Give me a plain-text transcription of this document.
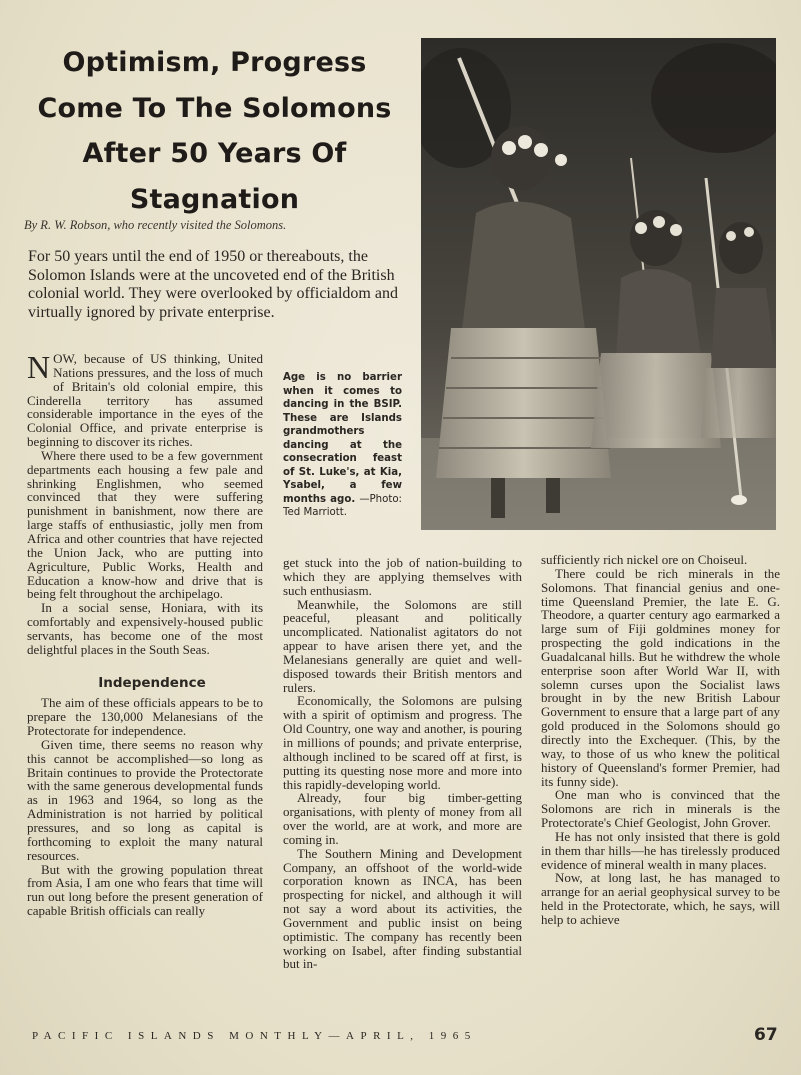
Optimism, Progress
Come To The Solomons
After 50 Years Of
Stagnation
By R. W. Robson, who recently visited the Solomons.
For 50 years until the end of 1950 or thereabouts, the Solomon Islands were at the uncoveted end of the British colonial world. They were overlooked by officialdom and virtually ignored by private enterprise.
Age is no barrier when it comes to dancing in the BSIP. These are Islands grandmothers dancing at the consecration feast of St. Luke's, at Kia, Ysabel, a few months ago. —Photo: Ted Marriott.

NOW, because of US thinking, United Nations pressures, and the loss of much of Britain's old colonial empire, this Cinderella territory has assumed considerable importance in the eyes of the Colonial Office, and private enterprise is beginning to discover its riches.

Where there used to be a few government departments each housing a few pale and shrinking Englishmen, who seemed convinced that they were suffering punishment in banishment, now there are large staffs of enthusiastic, jolly men from Africa and other countries that have rejected the Union Jack, who are putting into Agriculture, Public Works, Health and Education a know-how and drive that is being felt throughout the archipelago.

In a social sense, Honiara, with its comfortably and expensively-housed public servants, has become one of the most delightful places in the South Seas.

Independence

The aim of these officials appears to be to prepare the 130,000 Melanesians of the Protectorate for independence.

Given time, there seems no reason why this cannot be accomplished—so long as Britain continues to provide the Protectorate with the same generous developmental funds as in 1963 and 1964, so long as the Administration is not harried by political pressures, and so long as capital is forthcoming to exploit the many natural resources.

But with the growing population threat from Asia, I am one who fears that time will run out long before the present generation of capable British officials can really

get stuck into the job of nation-building to which they are applying themselves with such enthusiasm.

Meanwhile, the Solomons are still peaceful, pleasant and politically uncomplicated. Nationalist agitators do not appear to have arisen there yet, and the Melanesians generally are quiet and well-disposed towards their British mentors and rulers.

Economically, the Solomons are pulsing with a spirit of optimism and progress. The Old Country, one way and another, is pouring in millions of pounds; and private enterprise, although inclined to be scared off at first, is putting its questing nose more and more into this rapidly-developing world.

Already, four big timber-getting organisations, with plenty of money from all over the world, are at work, and more are coming in.

The Southern Mining and Development Company, an offshoot of the world-wide corporation known as INCA, has been prospecting for nickel, and although it will not say a word about its activities, the Government and public insist on being optimistic. The company has recently been working on Isabel, after finding substantial but in-

sufficiently rich nickel ore on Choiseul.

There could be rich minerals in the Solomons. That financial genius and one-time Queensland Premier, the late E. G. Theodore, a quarter century ago earmarked a large sum of Fiji goldmines money for prospecting the gold indications in the Guadalcanal hills. But he withdrew the whole enterprise soon after World War II, with solemn curses upon the Socialist laws brought in by the new British Labour Government to ensure that a large part of any gold produced in the Solomons should go directly into the Exchequer. (This, by the way, to those of us who knew the political history of Queensland's former Premier, had its funny side).

One man who is convinced that the Solomons are rich in minerals is the Protectorate's Chief Geologist, John Grover.

He has not only insisted that there is gold in them thar hills—he has tirelessly produced evidence of mineral wealth in many places.

Now, at long last, he has managed to arrange for an aerial geophysical survey to be held in the Protectorate, which, he says, will help to achieve

PACIFIC ISLANDS MONTHLY—APRIL, 1965	67
